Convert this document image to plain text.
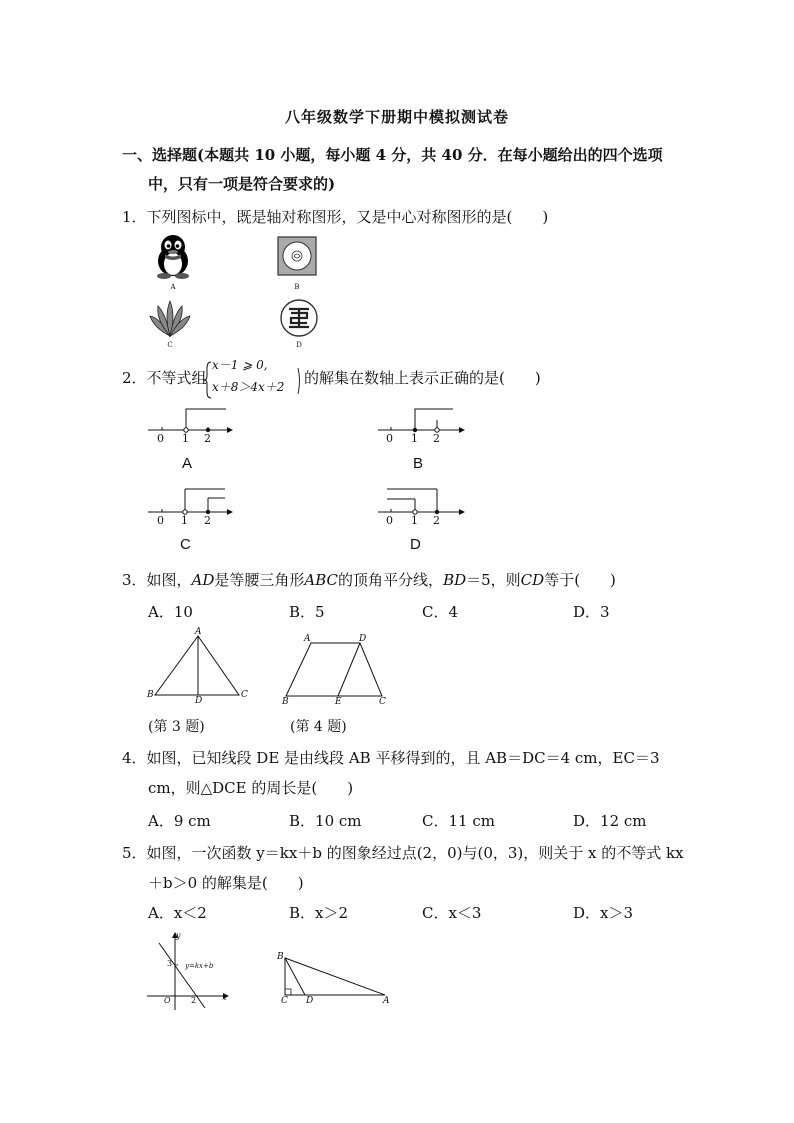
八年级数学下册期中模拟测试卷
一、选择题(本题共 10 小题，每小题 4 分，共 40 分．在每小题给出的四个选项
中，只有一项是符合要求的)
1．下列图标中，既是轴对称图形，又是中心对称图形的是(　　)
A	B
C	D
2．不等式组
x－1 ⩾ 0,
x＋8＞4x＋2 的解集在数轴上表示正确的是(　　)
0 1 2
A
0 1 2
B
0 1 2
C
0 1 2
D
3．如图，AD是等腰三角形ABC的顶角平分线，BD＝5，则CD等于(　　)
A．10	B．5	C．4	D．3
A
B
D
C
(第 3 题)
A	D
B	E	C
(第 4 题)
4．如图，已知线段 DE 是由线段 AB 平移得到的，且 AB＝DC＝4 cm，EC＝3
cm，则△DCE 的周长是(　　)
A．9 cm	B．10 cm	C．11 cm	D．12 cm
5．如图，一次函数 y＝kx＋b 的图象经过点(2，0)与(0，3)，则关于 x 的不等式 kx
＋b＞0 的解集是(　　)
A．x＜2	B．x＞2	C．x＜3	D．x＞3
y
3 y=kx+b
O	2	x
B
C D	A
